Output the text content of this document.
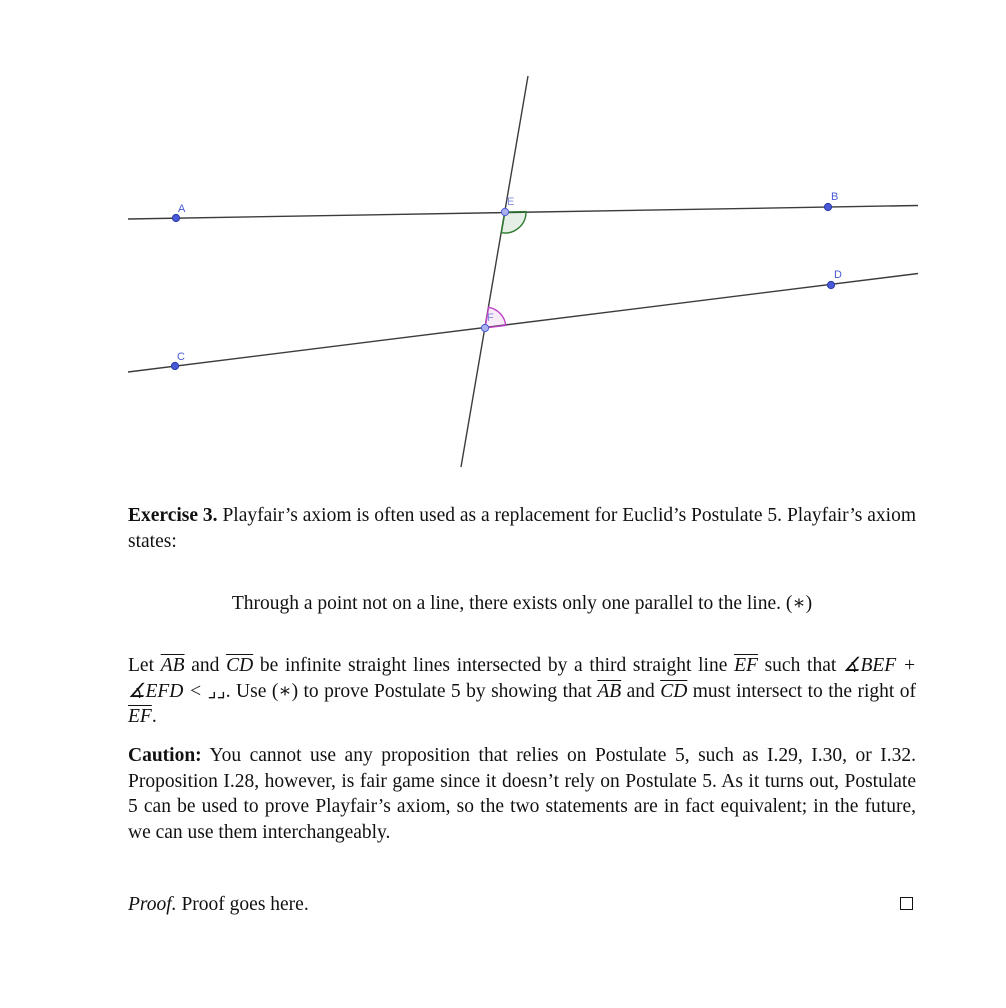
A
B
C
D
E
F
Exercise 3. Playfair’s axiom is often used as a replacement for Euclid’s Postulate 5. Playfair’s axiom states:
Through a point not on a line, there exists only one parallel to the line. (∗)
Let $\overline{AB}$ and $\overline{CD}$ be infinite straight lines intersected by a third straight line $\overline{EF}$ such that ∡BEF + ∡EFD < ⌟⌟. Use (∗) to prove Postulate 5 by showing that $\overline{AB}$ and $\overline{CD}$ must intersect to the right of $\overline{EF}$.
Caution: You cannot use any proposition that relies on Postulate 5, such as I.29, I.30, or I.32. Proposition I.28, however, is fair game since it doesn’t rely on Postulate 5. As it turns out, Postulate 5 can be used to prove Playfair’s axiom, so the two statements are in fact equivalent; in the future, we can use them interchangeably.
Proof. Proof goes here.
